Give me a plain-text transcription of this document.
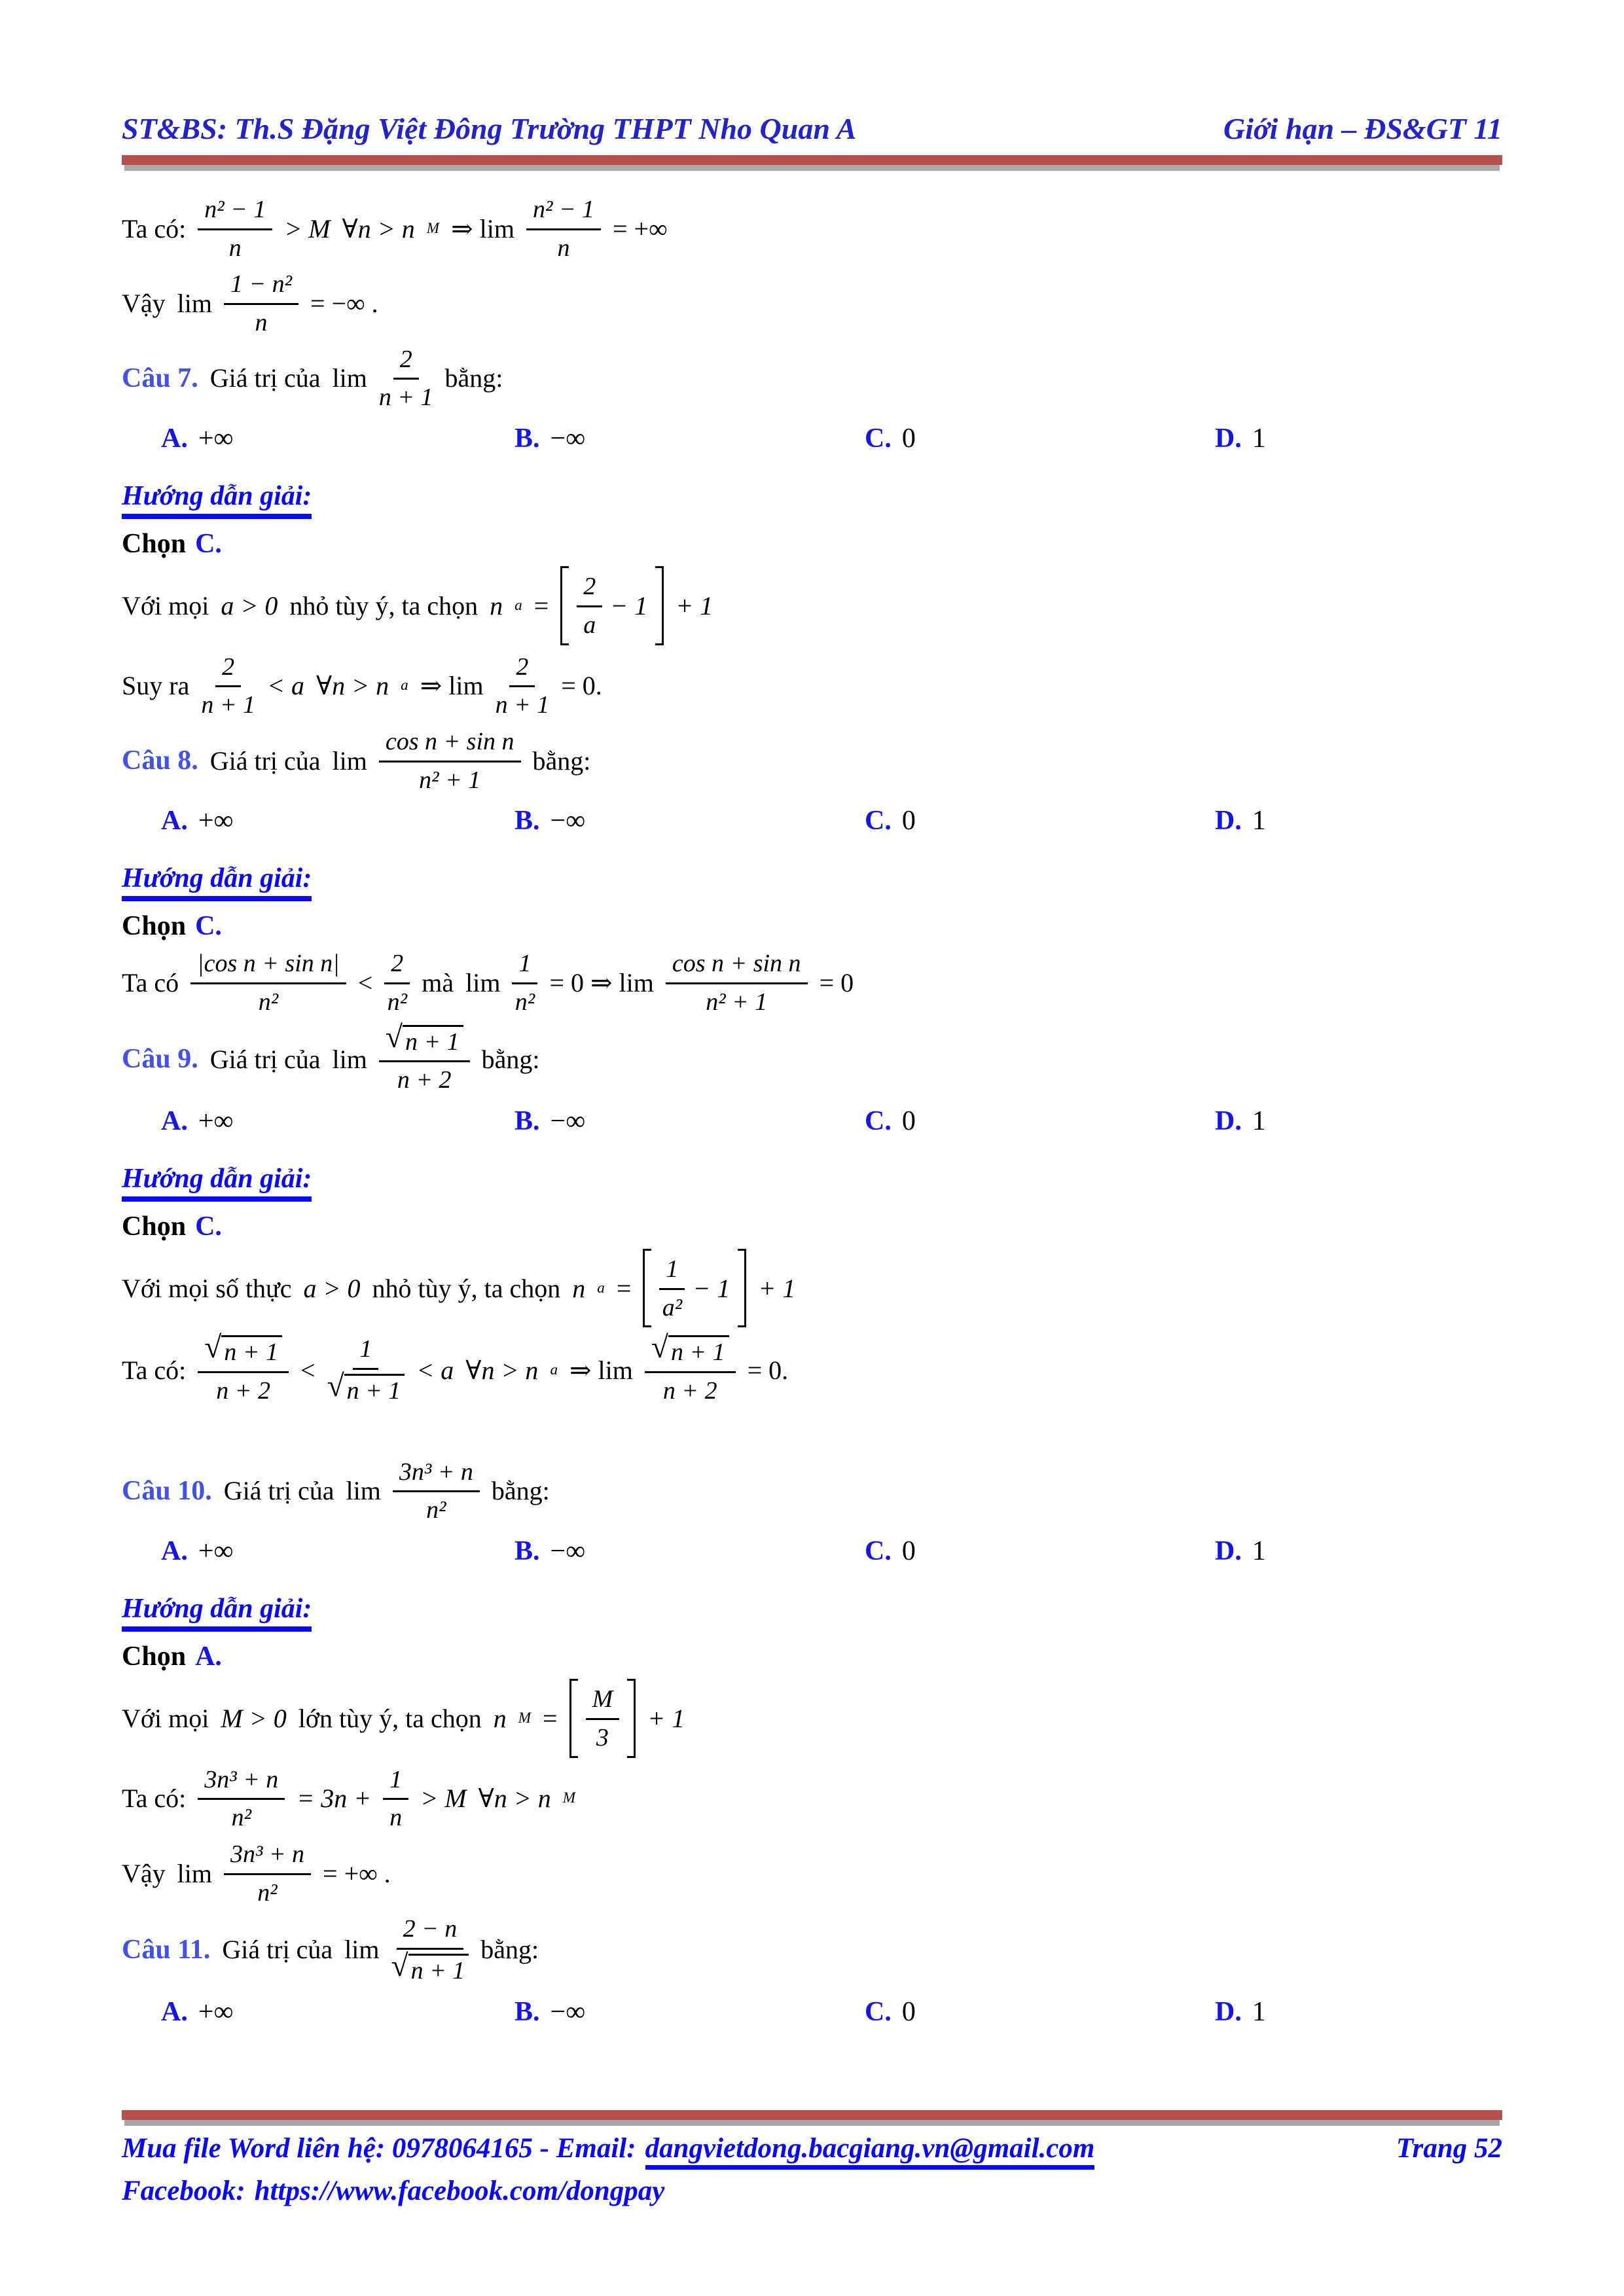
ST&BS: Th.S Đặng Việt Đông Trường THPT Nho Quan A	Giới hạn – ĐS&GT 11
Ta có: $\frac{\text{n² − 1}}{n} > M$ ∀n > n M ⇒ $\lim \frac{\text{n² − 1}}{n}$ = +∞
Vậy $\lim \frac{\text{1 − n²}}{n}$ = −∞ .
Câu 7. Giá trị của $\lim \frac{2}{n + 1}$ bằng:
A. +∞	B. −∞	C. 0	D. 1
Hướng dẫn giải:
Chọn C.
Với mọi a > 0 nhỏ tùy ý, ta chọn n $a = \frac{2}{a} - 1 + 1$
Suy ra $\frac{2}{n + 1} < a$ ∀n > n a ⇒ $\lim \frac{2}{n + 1} = 0$.
Câu 8. Giá trị của $\lim \frac{\text{cos n + sin n}}{\text{n² + 1}}$ bằng:
A. +∞	B. −∞	C. 0	D. 1
Hướng dẫn giải:
Chọn C.
Ta có $\frac{\text{|cos n + sin n|}}{\text{n²}} < \frac{2}{\text{n²}}$ mà $\lim \frac{1}{\text{n²}} = 0$ ⇒ $\lim \frac{\text{cos n + sin n}}{\text{n² + 1}} = 0$
Câu 9. Giá trị của $\lim \frac{√ n + 1}{n + 2}$ bằng:
A. +∞	B. −∞	C. 0	D. 1
Hướng dẫn giải:
Chọn C.
Với mọi số thực a > 0 nhỏ tùy ý, ta chọn n $a = \frac{1}{\text{a²}} - 1 + 1$
Ta có: $\frac{√ n + 1}{n + 2} < \frac{1}{√ n + 1} < a$ ∀n > n a ⇒ $\lim \frac{√ n + 1}{n + 2} = 0$.
Câu 10. Giá trị của $\lim \frac{\text{3n³ + n}}{\text{n²}}$ bằng:
A. +∞	B. −∞	C. 0	D. 1
Hướng dẫn giải:
Chọn A.
Với mọi M > 0 lớn tùy ý, ta chọn n $M = \frac{M}{3} + 1$
Ta có: $\frac{\text{3n³ + n}}{\text{n²}} = 3n + \frac{1}{n} > M$ ∀n > n M
Vậy $\lim \frac{\text{3n³ + n}}{\text{n²}}$ = +∞ .
Câu 11. Giá trị của $\lim \frac{2 - n}{√ n + 1}$ bằng:
A. +∞	B. −∞	C. 0	D. 1
Mua file Word liên hệ: 0978064165 - Email: dangvietdong.bacgiang.vn@gmail.com	Trang 52
Facebook: https://www.facebook.com/dongpay
